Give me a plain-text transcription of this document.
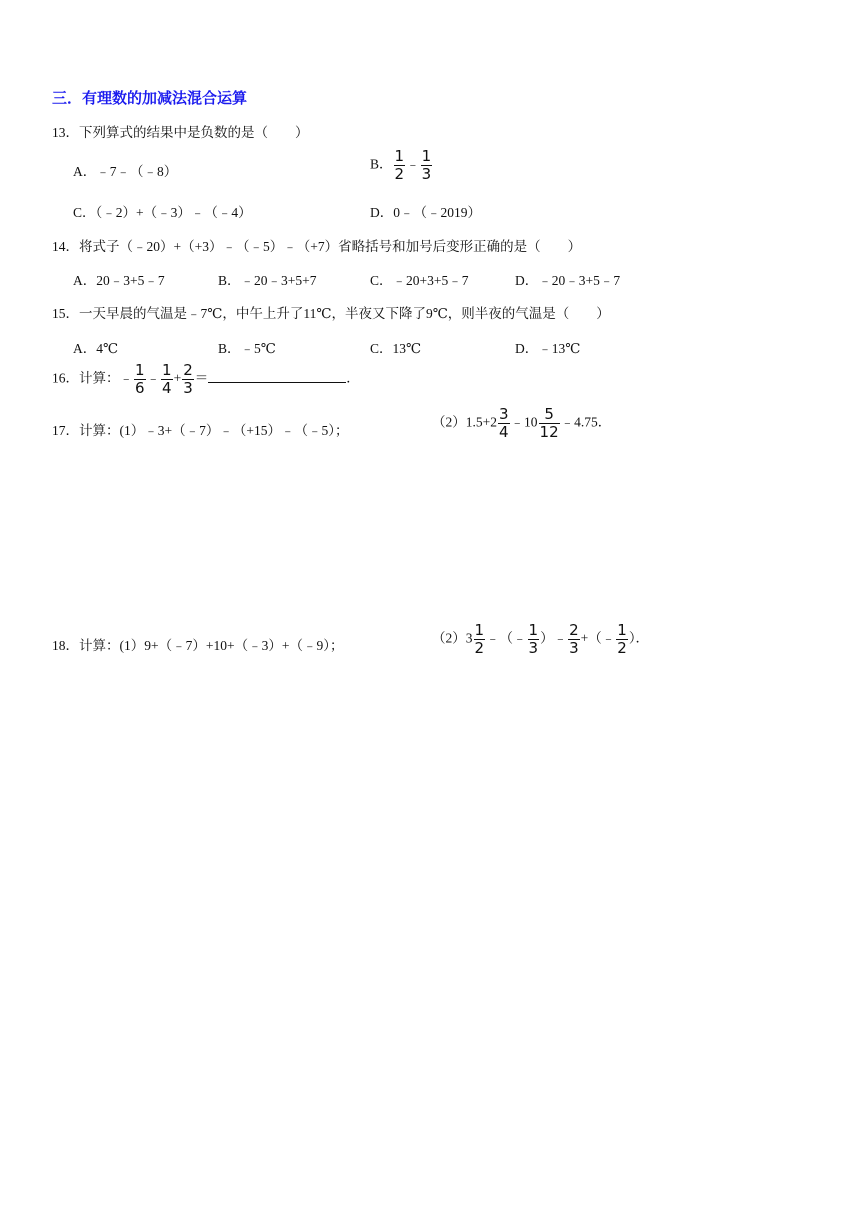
三．有理数的加减法混合运算
13．下列算式的结果中是负数的是（　　）
A．﹣7﹣（﹣8）	B． $\frac{1}{2}$ ﹣ $\frac{1}{3}$
C．（﹣2）+（﹣3）﹣（﹣4）	D．0﹣（﹣2019）
14．将式子（﹣20）+（+3）﹣（﹣5）﹣（+7）省略括号和加号后变形正确的是（　　）
A．20﹣3+5﹣7	B．﹣20﹣3+5+7	C．﹣20+3+5﹣7	D．﹣20﹣3+5﹣7
15．一天早晨的气温是﹣7℃，中午上升了11℃，半夜又下降了9℃，则半夜的气温是（　　）
A．4℃	B．﹣5℃	C．13℃	D．﹣13℃
16．计算：﹣ $\frac{1}{6}$ ﹣ $\frac{1}{4} + \frac{2}{3}$ ＝	．
17．计算：(1）﹣3+（﹣7）﹣（+15）﹣（﹣5）；
$(2)1.5+2 \frac{3}{4}$ ﹣10 $\frac{5}{12}$ ﹣4.75．
18．计算：(1）9+（﹣7）+10+（﹣3）+（﹣9）；	$(2)3 \frac{1}{2}$ ﹣（﹣ $\frac{1}{3}$ ）﹣ $\frac{2}{3}$ +（﹣ $\frac{1}{2}$ ）．
